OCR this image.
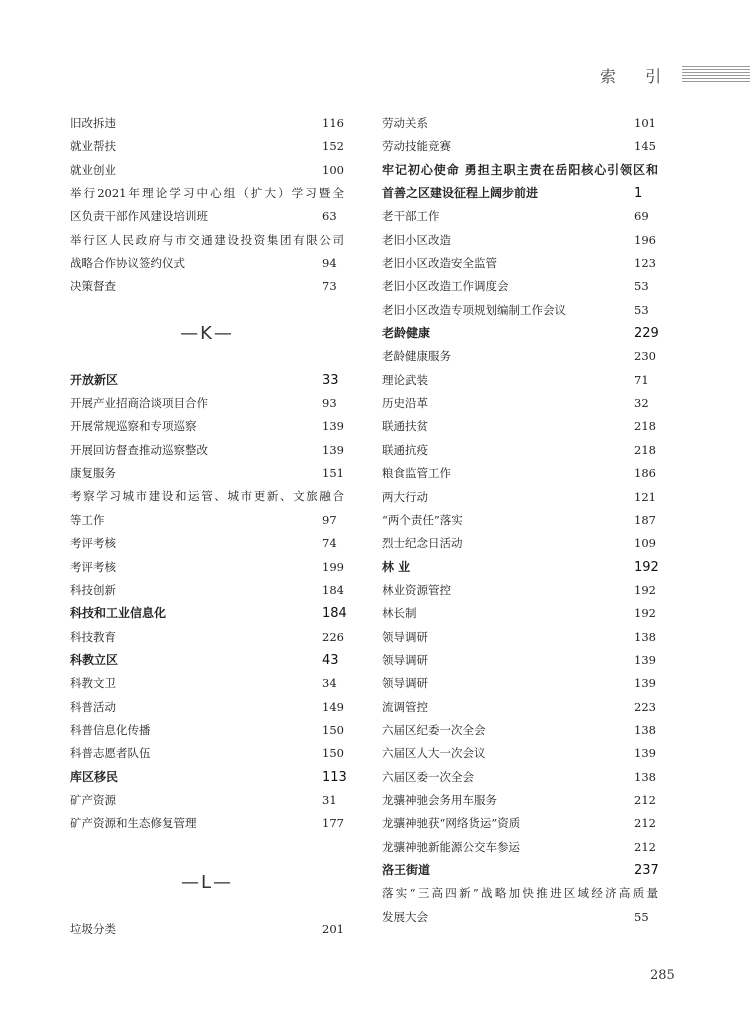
索 引
旧改拆违	116
就业帮扶	152
就业创业	100
举行2021年理论学习中心组（扩大）学习暨全
区负责干部作风建设培训班	63
举行区人民政府与市交通建设投资集团有限公司
战略合作协议签约仪式	94
决策督查	73
—K—
开放新区	33
开展产业招商洽谈项目合作	93
开展常规巡察和专项巡察	139
开展回访督查推动巡察整改	139
康复服务	151
考察学习城市建设和运管、城市更新、文旅融合
等工作	97
考评考核	74
考评考核	199
科技创新	184
科技和工业信息化	184
科技教育	226
科教立区	43
科教文卫	34
科普活动	149
科普信息化传播	150
科普志愿者队伍	150
库区移民	113
矿产资源	31
矿产资源和生态修复管理	177
—L—
垃圾分类	201
劳动关系	101
劳动技能竞赛	145
牢记初心使命 勇担主职主责在岳阳核心引领区和
首善之区建设征程上阔步前进	1
老干部工作	69
老旧小区改造	196
老旧小区改造安全监管	123
老旧小区改造工作调度会	53
老旧小区改造专项规划编制工作会议	53
老龄健康	229
老龄健康服务	230
理论武装	71
历史沿革	32
联通扶贫	218
联通抗疫	218
粮食监管工作	186
两大行动	121
“两个责任”落实	187
烈士纪念日活动	109
林 业	192
林业资源管控	192
林长制	192
领导调研	138
领导调研	139
领导调研	139
流调管控	223
六届区纪委一次全会	138
六届区人大一次会议	139
六届区委一次全会	138
龙骧神驰会务用车服务	212
龙骧神驰获“网络货运”资质	212
龙骧神驰新能源公交车参运	212
洛王街道	237
落实“三高四新”战略加快推进区域经济高质量
发展大会	55
285
